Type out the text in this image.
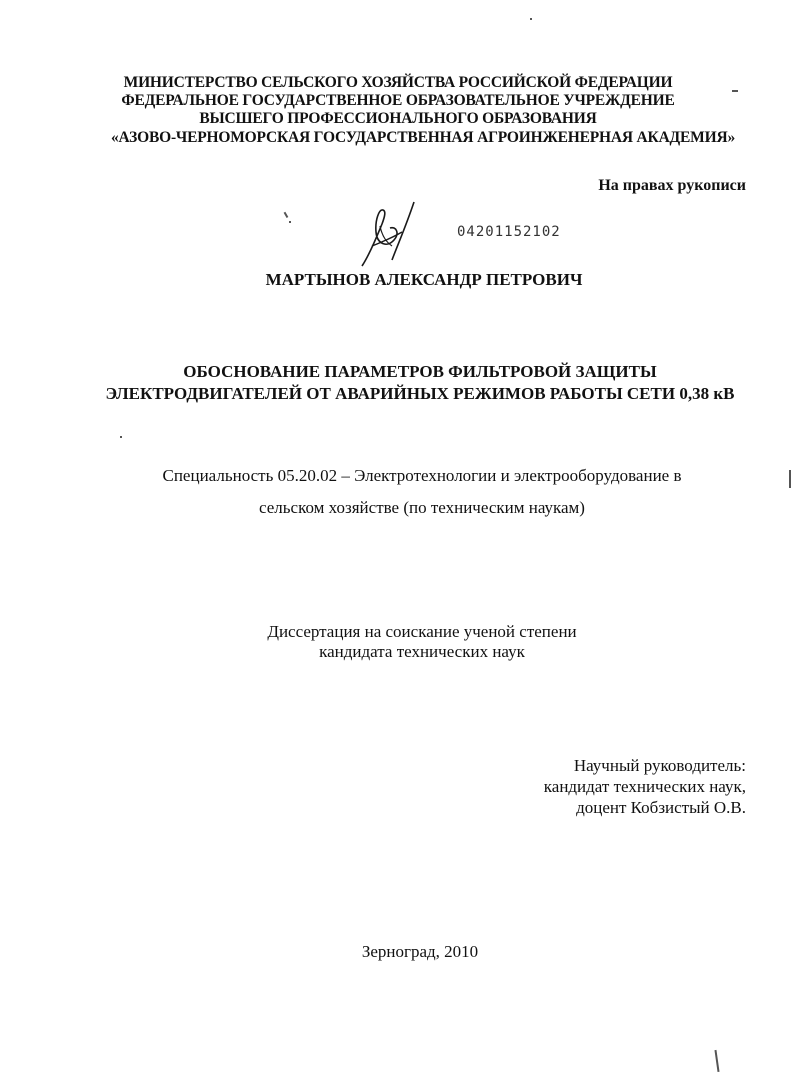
МИНИСТЕРСТВО СЕЛЬСКОГО ХОЗЯЙСТВА РОССИЙСКОЙ ФЕДЕРАЦИИ
ФЕДЕРАЛЬНОЕ ГОСУДАРСТВЕННОЕ ОБРАЗОВАТЕЛЬНОЕ УЧРЕЖДЕНИЕ
ВЫСШЕГО ПРОФЕССИОНАЛЬНОГО ОБРАЗОВАНИЯ
«АЗОВО-ЧЕРНОМОРСКАЯ ГОСУДАРСТВЕННАЯ АГРОИНЖЕНЕРНАЯ АКАДЕМИЯ»
На правах рукописи
04201152102
МАРТЫНОВ АЛЕКСАНДР ПЕТРОВИЧ
ОБОСНОВАНИЕ ПАРАМЕТРОВ ФИЛЬТРОВОЙ ЗАЩИТЫ
ЭЛЕКТРОДВИГАТЕЛЕЙ ОТ АВАРИЙНЫХ РЕЖИМОВ РАБОТЫ СЕТИ 0,38 кВ
Специальность 05.20.02 – Электротехнологии и электрооборудование в
сельском хозяйстве (по техническим наукам)
Диссертация на соискание ученой степени
кандидата технических наук
Научный руководитель:
кандидат технических наук,
доцент Кобзистый О.В.
Зерноград, 2010
